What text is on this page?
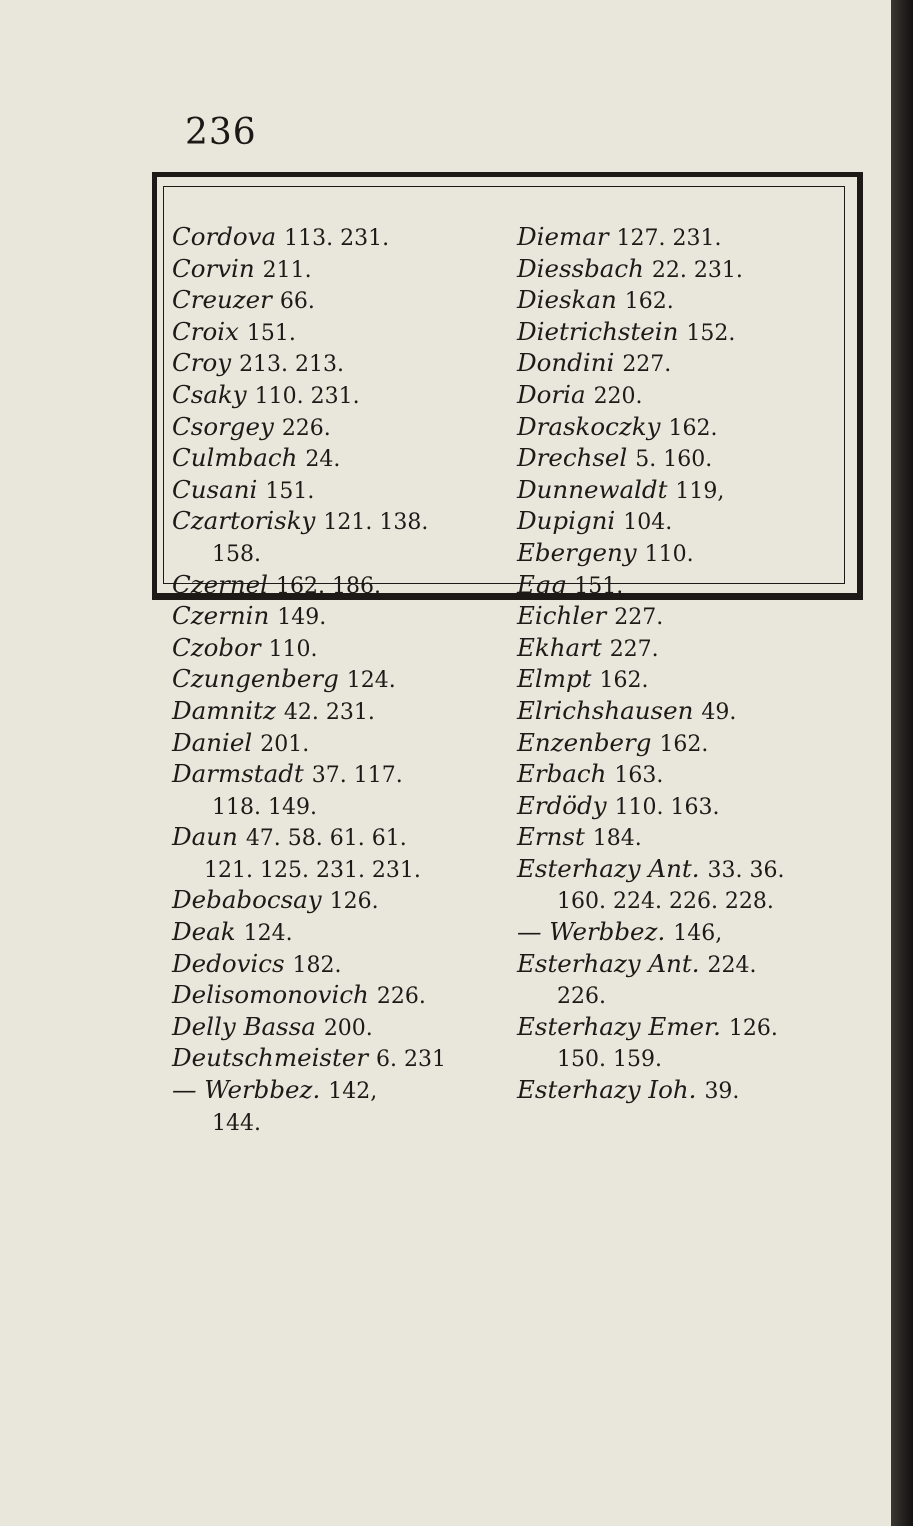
236
Cordova 113. 231.
Corvin 211.
Creuzer 66.
Croix 151.
Croy 213. 213.
Csaky 110. 231.
Csorgey 226.
Culmbach 24.
Cusani 151.
Czartorisky 121. 138.
158.
Czernel 162. 186.
Czernin 149.
Czobor 110.
Czungenberg 124.
Damnitz 42. 231.
Daniel 201.
Darmstadt 37. 117.
118. 149.
Daun 47. 58. 61. 61.
121. 125. 231. 231.
Debabocsay 126.
Deak 124.
Dedovics 182.
Delisomonovich 226.
Delly Bassa 200.
Deutschmeister 6. 231
— Werbbez. 142,
144.
Diemar 127. 231.
Diessbach 22. 231.
Dieskan 162.
Dietrichstein 152.
Dondini 227.
Doria 220.
Draskoczky 162.
Drechsel 5. 160.
Dunnewaldt 119,
Dupigni 104.
Ebergeny 110.
Egg 151.
Eichler 227.
Ekhart 227.
Elmpt 162.
Elrichshausen 49.
Enzenberg 162.
Erbach 163.
Erdödy 110. 163.
Ernst 184.
Esterhazy Ant. 33. 36.
160. 224. 226. 228.
— Werbbez. 146,
Esterhazy Ant. 224.
226.
Esterhazy Emer. 126.
150. 159.
Esterhazy Ioh. 39.
